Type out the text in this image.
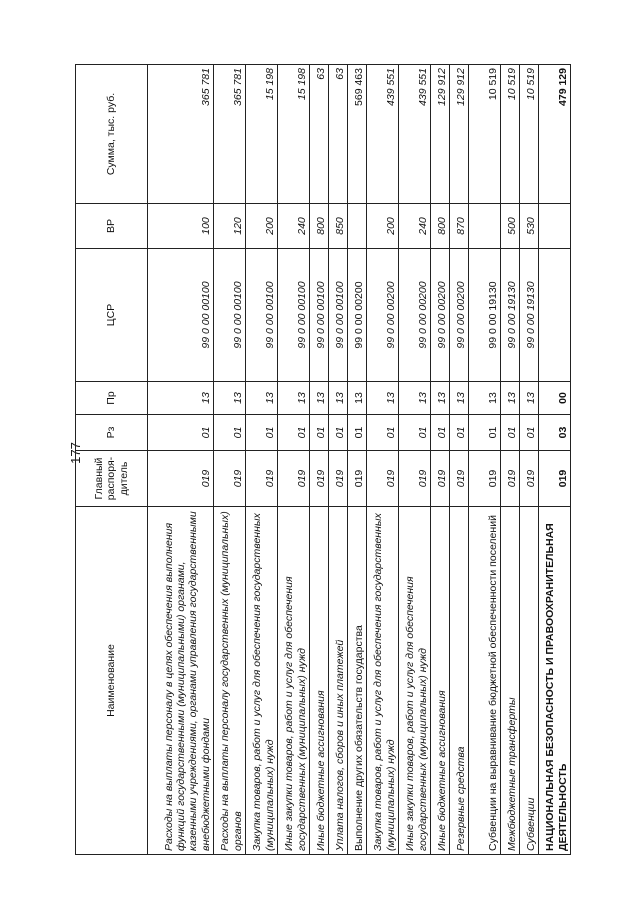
177
Наименование	Главный распоря-дитель	Рз	Пр	ЦСР	ВР	Сумма, тыс. руб.
Расходы на выплаты персоналу в целях обеспечения выполнения функций государственными (муниципальными) органами, казенными учреждениями, органами управления государственными внебюджетными фондами	019	01	13	99 0 00 00100	100	365 781
Расходы на выплаты персоналу государственных (муниципальных) органов	019	01	13	99 0 00 00100	120	365 781
Закупка товаров, работ и услуг для обеспечения государственных (муниципальных) нужд	019	01	13	99 0 00 00100	200	15 198
Иные закупки товаров, работ и услуг для обеспечения государственных (муниципальных) нужд	019	01	13	99 0 00 00100	240	15 198
Иные бюджетные ассигнования	019	01	13	99 0 00 00100	800	63
Уплата налогов, сборов и иных платежей	019	01	13	99 0 00 00100	850	63
Выполнение других обязательств государства	019	01	13	99 0 00 00200		569 463
Закупка товаров, работ и услуг для обеспечения государственных (муниципальных) нужд	019	01	13	99 0 00 00200	200	439 551
Иные закупки товаров, работ и услуг для обеспечения государственных (муниципальных) нужд	019	01	13	99 0 00 00200	240	439 551
Иные бюджетные ассигнования	019	01	13	99 0 00 00200	800	129 912
Резервные средства	019	01	13	99 0 00 00200	870	129 912
Субвенции на выравнивание бюджетной обеспеченности поселений	019	01	13	99 0 00 19130		10 519
Межбюджетные трансферты	019	01	13	99 0 00 19130	500	10 519
Субвенции	019	01	13	99 0 00 19130	530	10 519
НАЦИОНАЛЬНАЯ БЕЗОПАСНОСТЬ И ПРАВООХРАНИТЕЛЬНАЯ ДЕЯТЕЛЬНОСТЬ	019	03	00			479 129
